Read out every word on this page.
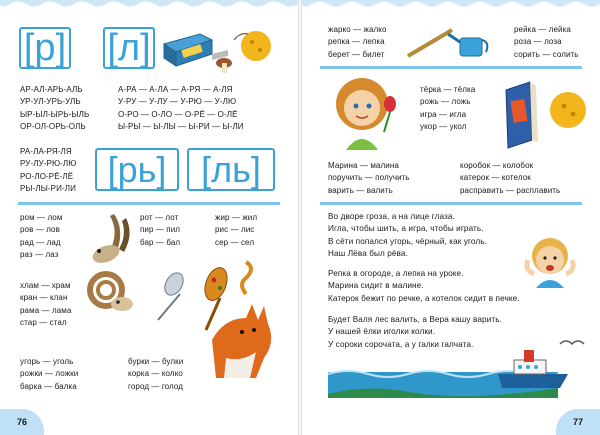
[р] [л]
АР-АЛ-АРЬ-АЛЬ
УР-УЛ-УРЬ-УЛЬ
ЫР-ЫЛ-ЫРЬ-ЫЛЬ
ОР-ОЛ-ОРЬ-ОЛЬ
А-РА — А-ЛА — А-РЯ — А-ЛЯ
У-РУ — У-ЛУ — У-РЮ — У-ЛЮ
О-РО — О-ЛО — О-РЁ — О-ЛЁ
Ы-РЫ — Ы-ЛЫ — Ы-РИ — Ы-ЛИ
РА-ЛА-РЯ-ЛЯ
РУ-ЛУ-РЮ-ЛЮ
РО-ЛО-РЁ-ЛЁ
РЫ-ЛЫ-РИ-ЛИ [рь] [ль]
ром — лом
ров — лов
рад — лад
раз — лаз
рот — лот
пир — пил
бар — бал
жир — жил
рис — лис
сер — сел
хлам — храм
кран — клан
рама — лама
стар — стал
угорь — уголь
рожки — ложки
барка — балка
бурки — булки
корка — колко
город — голод
76
жарко — жалко
репка — лепка
берет — билет
рейка — лейка
роза — лоза
сорить — солить
тёрка — тёлка
рожь — ложь
игра — игла
укор — укол
Марина — малина
поручить — получить
варить — валить
коробок — колобок
катерок — котелок
расправить — расплавить
Во дворе гроза, а на лице глаза.
Игла, чтобы шить, а игра, чтобы играть.
В сёти попался угорь, чёрный, как уголь.
Наш Лёва был рёва.
Репка в огороде, а лепка на уроке.
Марина сидит в малине.
Катерок бежит по речке, а котелок сидит в печке.
Будет Валя лес валить, а Вера кашу варить.
У нашей ёлки иголки колки.
У сороки сорочата, а у галки галчата.
77
